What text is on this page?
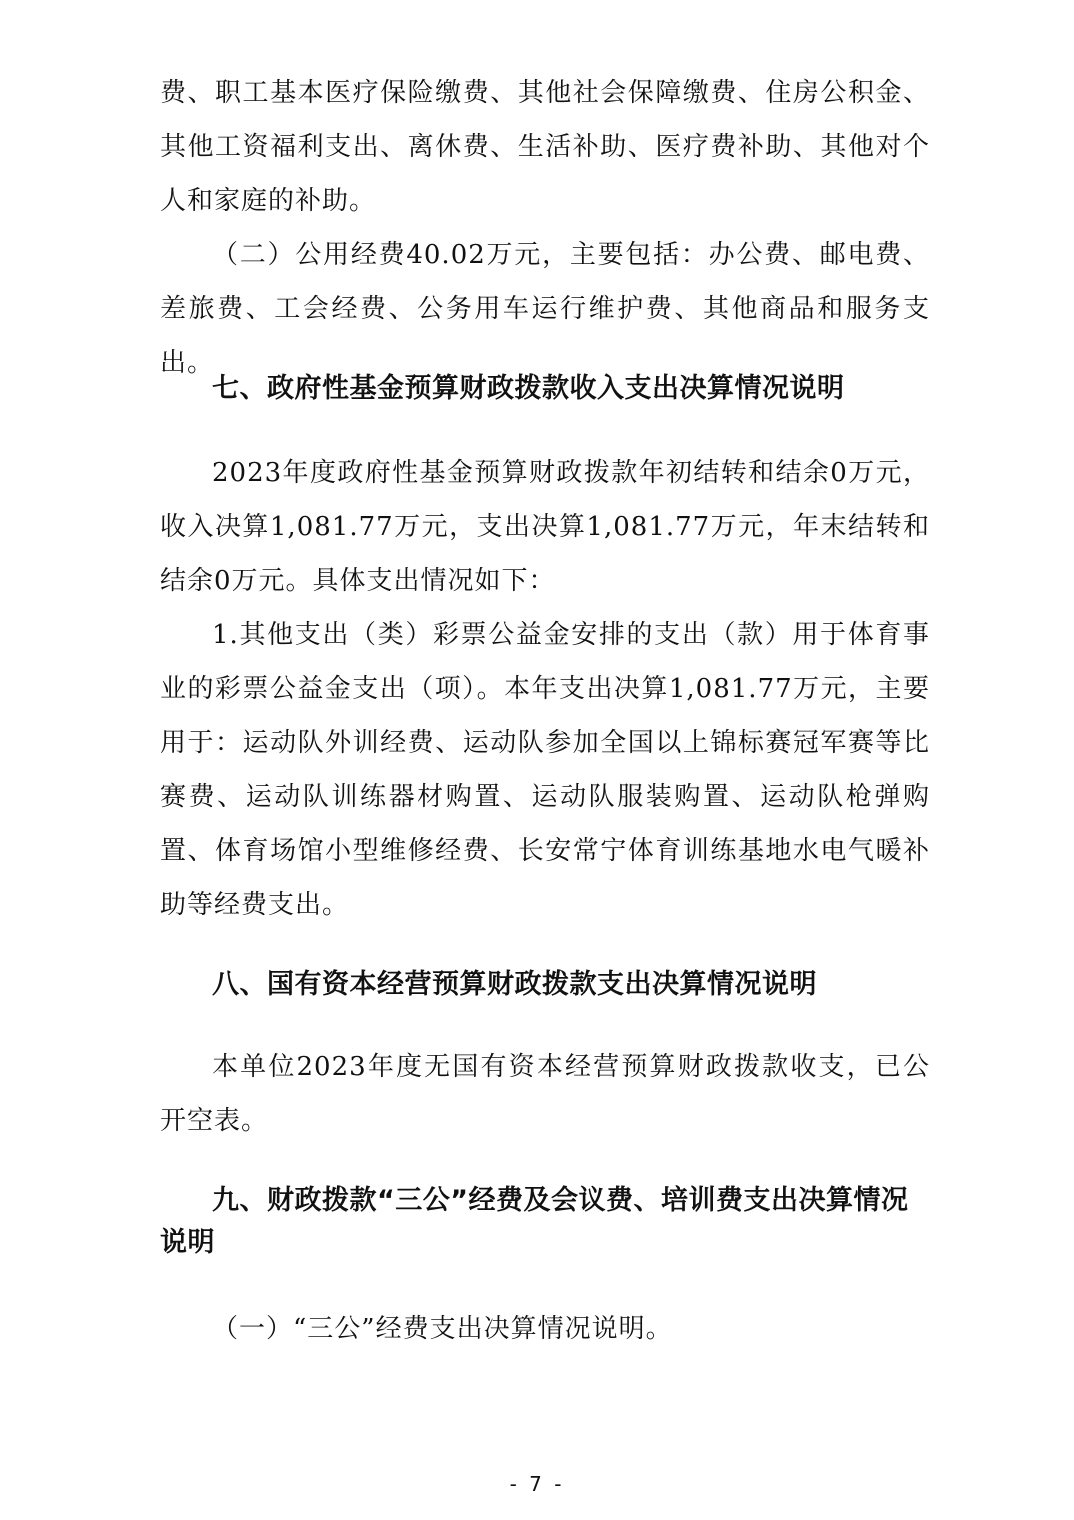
费、职工基本医疗保险缴费、其他社会保障缴费、住房公积金、其他工资福利支出、离休费、生活补助、医疗费补助、其他对个人和家庭的补助。

（二）公用经费40.02万元，主要包括：办公费、邮电费、差旅费、工会经费、公务用车运行维护费、其他商品和服务支出。

七、政府性基金预算财政拨款收入支出决算情况说明

2023年度政府性基金预算财政拨款年初结转和结余0万元，收入决算1,081.77万元，支出决算1,081.77万元，年末结转和结余0万元。具体支出情况如下：

1.其他支出（类）彩票公益金安排的支出（款）用于体育事业的彩票公益金支出（项）。本年支出决算1,081.77万元，主要用于：运动队外训经费、运动队参加全国以上锦标赛冠军赛等比赛费、运动队训练器材购置、运动队服装购置、运动队枪弹购置、体育场馆小型维修经费、长安常宁体育训练基地水电气暖补助等经费支出。

八、国有资本经营预算财政拨款支出决算情况说明

本单位2023年度无国有资本经营预算财政拨款收支，已公开空表。

九、财政拨款“三公”经费及会议费、培训费支出决算情况说明

（一）“三公”经费支出决算情况说明。

- 7 -
